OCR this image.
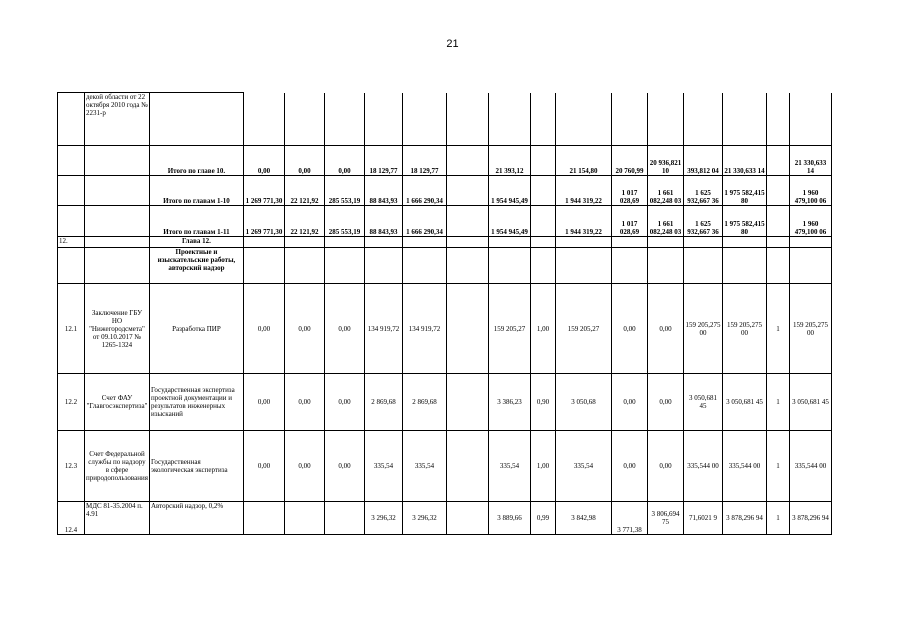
21
	декой области от 22 октября 2010 года № 2231-р																
		Итого по главе 10.	0,00	0,00	0,00	18 129,77	18 129,77		21 393,12		21 154,80	20 760,99	20 936,821 10	393,812 04	21 330,633 14		21 330,633 14
		Итого по главам 1-10	1 269 771,30	22 121,92	285 553,19	88 843,93	1 666 290,34		1 954 945,49		1 944 319,22	1 017 028,69	1 661 082,248 03	1 625 932,667 36	1 975 582,415 80		1 960 479,100 06
		Итого по главам 1-11	1 269 771,30	22 121,92	285 553,19	88 843,93	1 666 290,34		1 954 945,49		1 944 319,22	1 017 028,69	1 661 082,248 03	1 625 932,667 36	1 975 582,415 80		1 960 479,100 06
12.		Глава 12.															
		Проектные и изыскательские работы, авторский надзор															
12.1	Заключение ГБУ НО "Нижегородсмета" от 09.10.2017 № 1265-1324	Разработка ПИР	0,00	0,00	0,00	134 919,72	134 919,72		159 205,27	1,00	159 205,27	0,00	0,00	159 205,275 00	159 205,275 00	1	159 205,275 00
12.2	Счет ФАУ "Главгосэкспертиза"	Государственная экспертиза проектной документации и результатов инженерных изысканий	0,00	0,00	0,00	2 869,68	2 869,68		3 386,23	0,90	3 050,68	0,00	0,00	3 050,681 45	3 050,681 45	1	3 050,681 45
12.3	Счет Федеральной службы по надзору в сфере природопользования	Государственная экологическая экспертиза	0,00	0,00	0,00	335,54	335,54		335,54	1,00	335,54	0,00	0,00	335,544 00	335,544 00	1	335,544 00
12.4	МДС 81-35.2004 п. 4.91	Авторский надзор, 0,2%				3 296,32	3 296,32		3 889,66	0,99	3 842,98	3 771,38	3 806,694 75	71,6021 9	3 878,296 94	1	3 878,296 94
